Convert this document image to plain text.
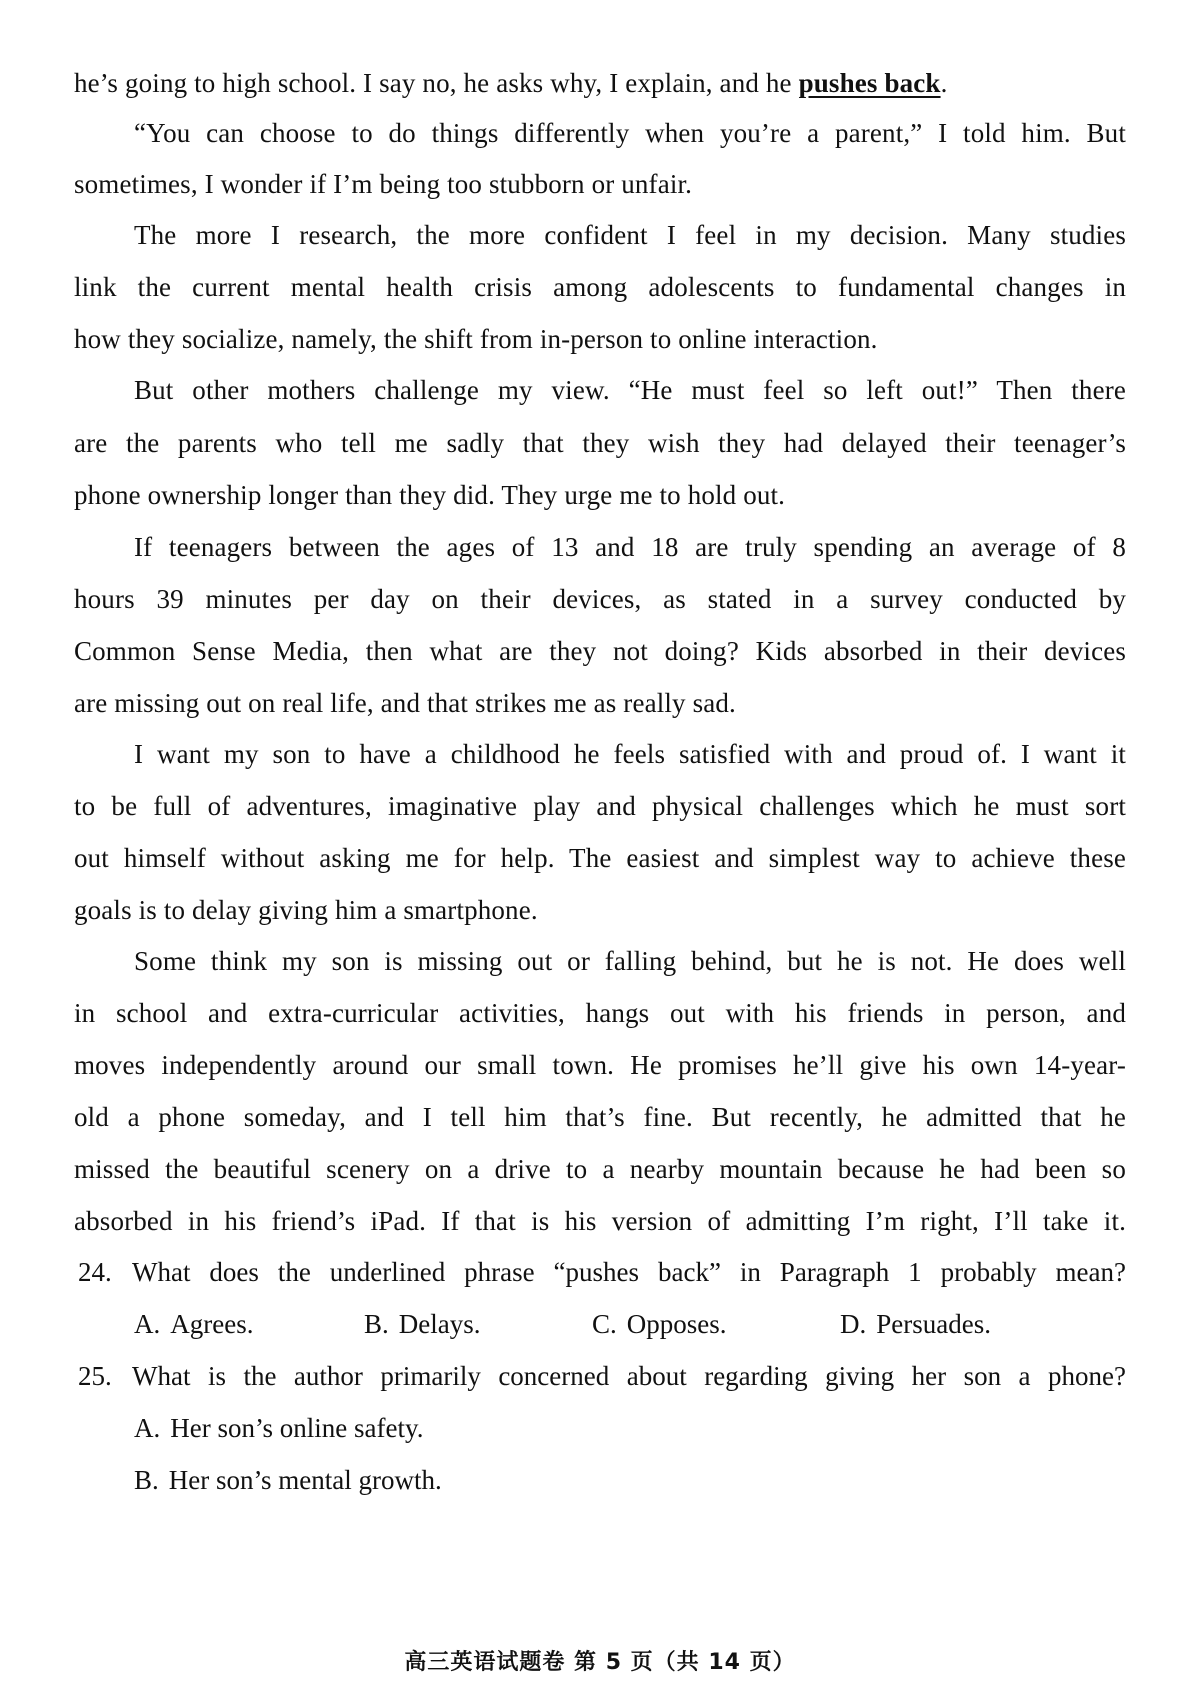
he’s going to high school. I say no, he asks why, I explain, and he pushes back.
“You can choose to do things differently when you’re a parent,” I told him. But
sometimes, I wonder if I’m being too stubborn or unfair.
The more I research, the more confident I feel in my decision. Many studies
link the current mental health crisis among adolescents to fundamental changes in
how they socialize, namely, the shift from in-person to online interaction.
But other mothers challenge my view. “He must feel so left out!” Then there
are the parents who tell me sadly that they wish they had delayed their teenager’s
phone ownership longer than they did. They urge me to hold out.
If teenagers between the ages of 13 and 18 are truly spending an average of 8
hours 39 minutes per day on their devices, as stated in a survey conducted by
Common Sense Media, then what are they not doing? Kids absorbed in their devices
are missing out on real life, and that strikes me as really sad.
I want my son to have a childhood he feels satisfied with and proud of. I want it
to be full of adventures, imaginative play and physical challenges which he must sort
out himself without asking me for help. The easiest and simplest way to achieve these
goals is to delay giving him a smartphone.
Some think my son is missing out or falling behind, but he is not. He does well
in school and extra-curricular activities, hangs out with his friends in person, and
moves independently around our small town. He promises he’ll give his own 14-year-
old a phone someday, and I tell him that’s fine. But recently, he admitted that he
missed the beautiful scenery on a drive to a nearby mountain because he had been so
absorbed in his friend’s iPad. If that is his version of admitting I’m right, I’ll take it.
24. What does the underlined phrase “pushes back” in Paragraph 1 probably mean?
A. Agrees.	B. Delays.	C. Opposes.	D. Persuades.
25. What is the author primarily concerned about regarding giving her son a phone?
A. Her son’s online safety.
B. Her son’s mental growth.
高三英语试题卷 第 5 页（共 14 页）
